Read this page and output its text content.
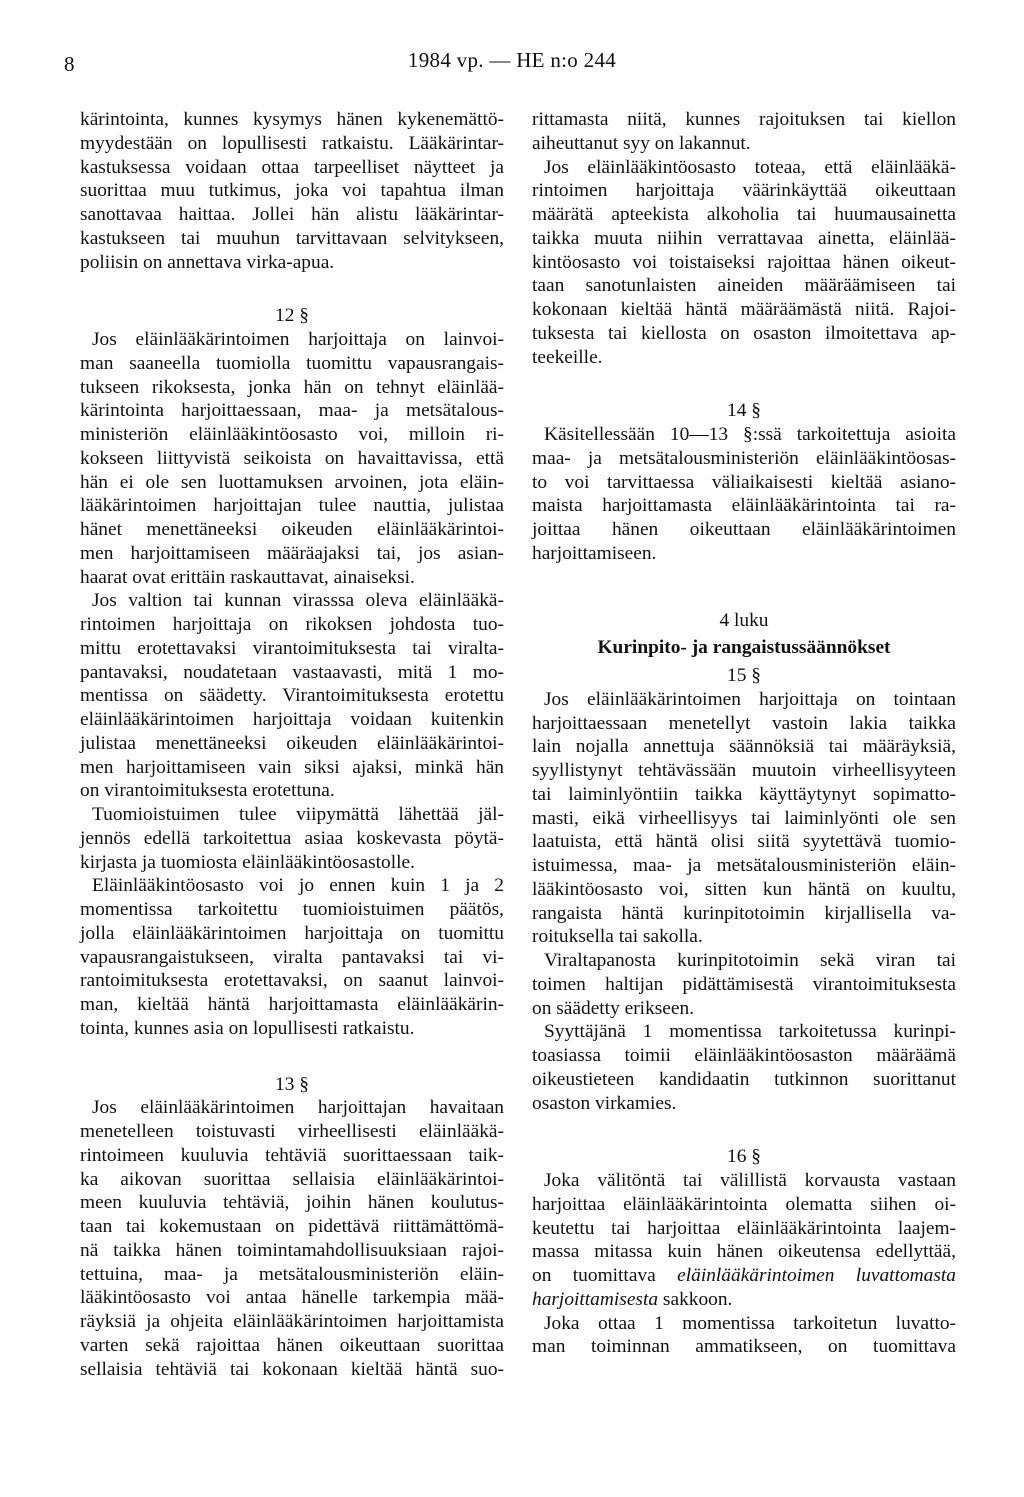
8	1984 vp. — HE n:o 244
kärintointa, kunnes kysymys hänen kykenemättö-
myydestään on lopullisesti ratkaistu. Lääkärintar-
kastuksessa voidaan ottaa tarpeelliset näytteet ja
suorittaa muu tutkimus, joka voi tapahtua ilman
sanottavaa haittaa. Jollei hän alistu lääkärintar-
kastukseen tai muuhun tarvittavaan selvitykseen,
poliisin on annettava virka-apua.
12 §
Jos eläinlääkärintoimen harjoittaja on lainvoi-
man saaneella tuomiolla tuomittu vapausrangais-
tukseen rikoksesta, jonka hän on tehnyt eläinlää-
kärintointa harjoittaessaan, maa- ja metsätalous-
ministeriön eläinlääkintöosasto voi, milloin ri-
kokseen liittyvistä seikoista on havaittavissa, että
hän ei ole sen luottamuksen arvoinen, jota eläin-
lääkärintoimen harjoittajan tulee nauttia, julistaa
hänet menettäneeksi oikeuden eläinlääkärintoi-
men harjoittamiseen määräajaksi tai, jos asian-
haarat ovat erittäin raskauttavat, ainaiseksi.
Jos valtion tai kunnan virasssa oleva eläinlääkä-
rintoimen harjoittaja on rikoksen johdosta tuo-
mittu erotettavaksi virantoimituksesta tai viralta-
pantavaksi, noudatetaan vastaavasti, mitä 1 mo-
mentissa on säädetty. Virantoimituksesta erotettu
eläinlääkärintoimen harjoittaja voidaan kuitenkin
julistaa menettäneeksi oikeuden eläinlääkärintoi-
men harjoittamiseen vain siksi ajaksi, minkä hän
on virantoimituksesta erotettuna.
Tuomioistuimen tulee viipymättä lähettää jäl-
jennös edellä tarkoitettua asiaa koskevasta pöytä-
kirjasta ja tuomiosta eläinlääkintöosastolle.
Eläinlääkintöosasto voi jo ennen kuin 1 ja 2
momentissa tarkoitettu tuomioistuimen päätös,
jolla eläinlääkärintoimen harjoittaja on tuomittu
vapausrangaistukseen, viralta pantavaksi tai vi-
rantoimituksesta erotettavaksi, on saanut lainvoi-
man, kieltää häntä harjoittamasta eläinlääkärin-
tointa, kunnes asia on lopullisesti ratkaistu.
13 §
Jos eläinlääkärintoimen harjoittajan havaitaan
menetelleen toistuvasti virheellisesti eläinlääkä-
rintoimeen kuuluvia tehtäviä suorittaessaan taik-
ka aikovan suorittaa sellaisia eläinlääkärintoi-
meen kuuluvia tehtäviä, joihin hänen koulutus-
taan tai kokemustaan on pidettävä riittämättömä-
nä taikka hänen toimintamahdollisuuksiaan rajoi-
tettuina, maa- ja metsätalousministeriön eläin-
lääkintöosasto voi antaa hänelle tarkempia mää-
räyksiä ja ohjeita eläinlääkärintoimen harjoittamista
varten sekä rajoittaa hänen oikeuttaan suorittaa
sellaisia tehtäviä tai kokonaan kieltää häntä suo-
rittamasta niitä, kunnes rajoituksen tai kiellon
aiheuttanut syy on lakannut.
Jos eläinlääkintöosasto toteaa, että eläinlääkä-
rintoimen harjoittaja väärinkäyttää oikeuttaan
määrätä apteekista alkoholia tai huumausainetta
taikka muuta niihin verrattavaa ainetta, eläinlää-
kintöosasto voi toistaiseksi rajoittaa hänen oikeut-
taan sanotunlaisten aineiden määräämiseen tai
kokonaan kieltää häntä määräämästä niitä. Rajoi-
tuksesta tai kiellosta on osaston ilmoitettava ap-
teekeille.
14 §
Käsitellessään 10—13 §:ssä tarkoitettuja asioita
maa- ja metsätalousministeriön eläinlääkintöosas-
to voi tarvittaessa väliaikaisesti kieltää asiano-
maista harjoittamasta eläinlääkärintointa tai ra-
joittaa hänen oikeuttaan eläinlääkärintoimen
harjoittamiseen.
4 luku
Kurinpito- ja rangaistussäännökset
15 §
Jos eläinlääkärintoimen harjoittaja on tointaan
harjoittaessaan menetellyt vastoin lakia taikka
lain nojalla annettuja säännöksiä tai määräyksiä,
syyllistynyt tehtävässään muutoin virheellisyyteen
tai laiminlyöntiin taikka käyttäytynyt sopimatto-
masti, eikä virheellisyys tai laiminlyönti ole sen
laatuista, että häntä olisi siitä syytettävä tuomio-
istuimessa, maa- ja metsätalousministeriön eläin-
lääkintöosasto voi, sitten kun häntä on kuultu,
rangaista häntä kurinpitotoimin kirjallisella va-
roituksella tai sakolla.
Viraltapanosta kurinpitotoimin sekä viran tai
toimen haltijan pidättämisestä virantoimituksesta
on säädetty erikseen.
Syyttäjänä 1 momentissa tarkoitetussa kurinpi-
toasiassa toimii eläinlääkintöosaston määräämä
oikeustieteen kandidaatin tutkinnon suorittanut
osaston virkamies.
16 §
Joka välitöntä tai välillistä korvausta vastaan
harjoittaa eläinlääkärintointa olematta siihen oi-
keutettu tai harjoittaa eläinlääkärintointa laajem-
massa mitassa kuin hänen oikeutensa edellyttää,
on tuomittava eläinlääkärintoimen luvattomasta
harjoittamisesta sakkoon.
Joka ottaa 1 momentissa tarkoitetun luvatto-
man toiminnan ammatikseen, on tuomittava
